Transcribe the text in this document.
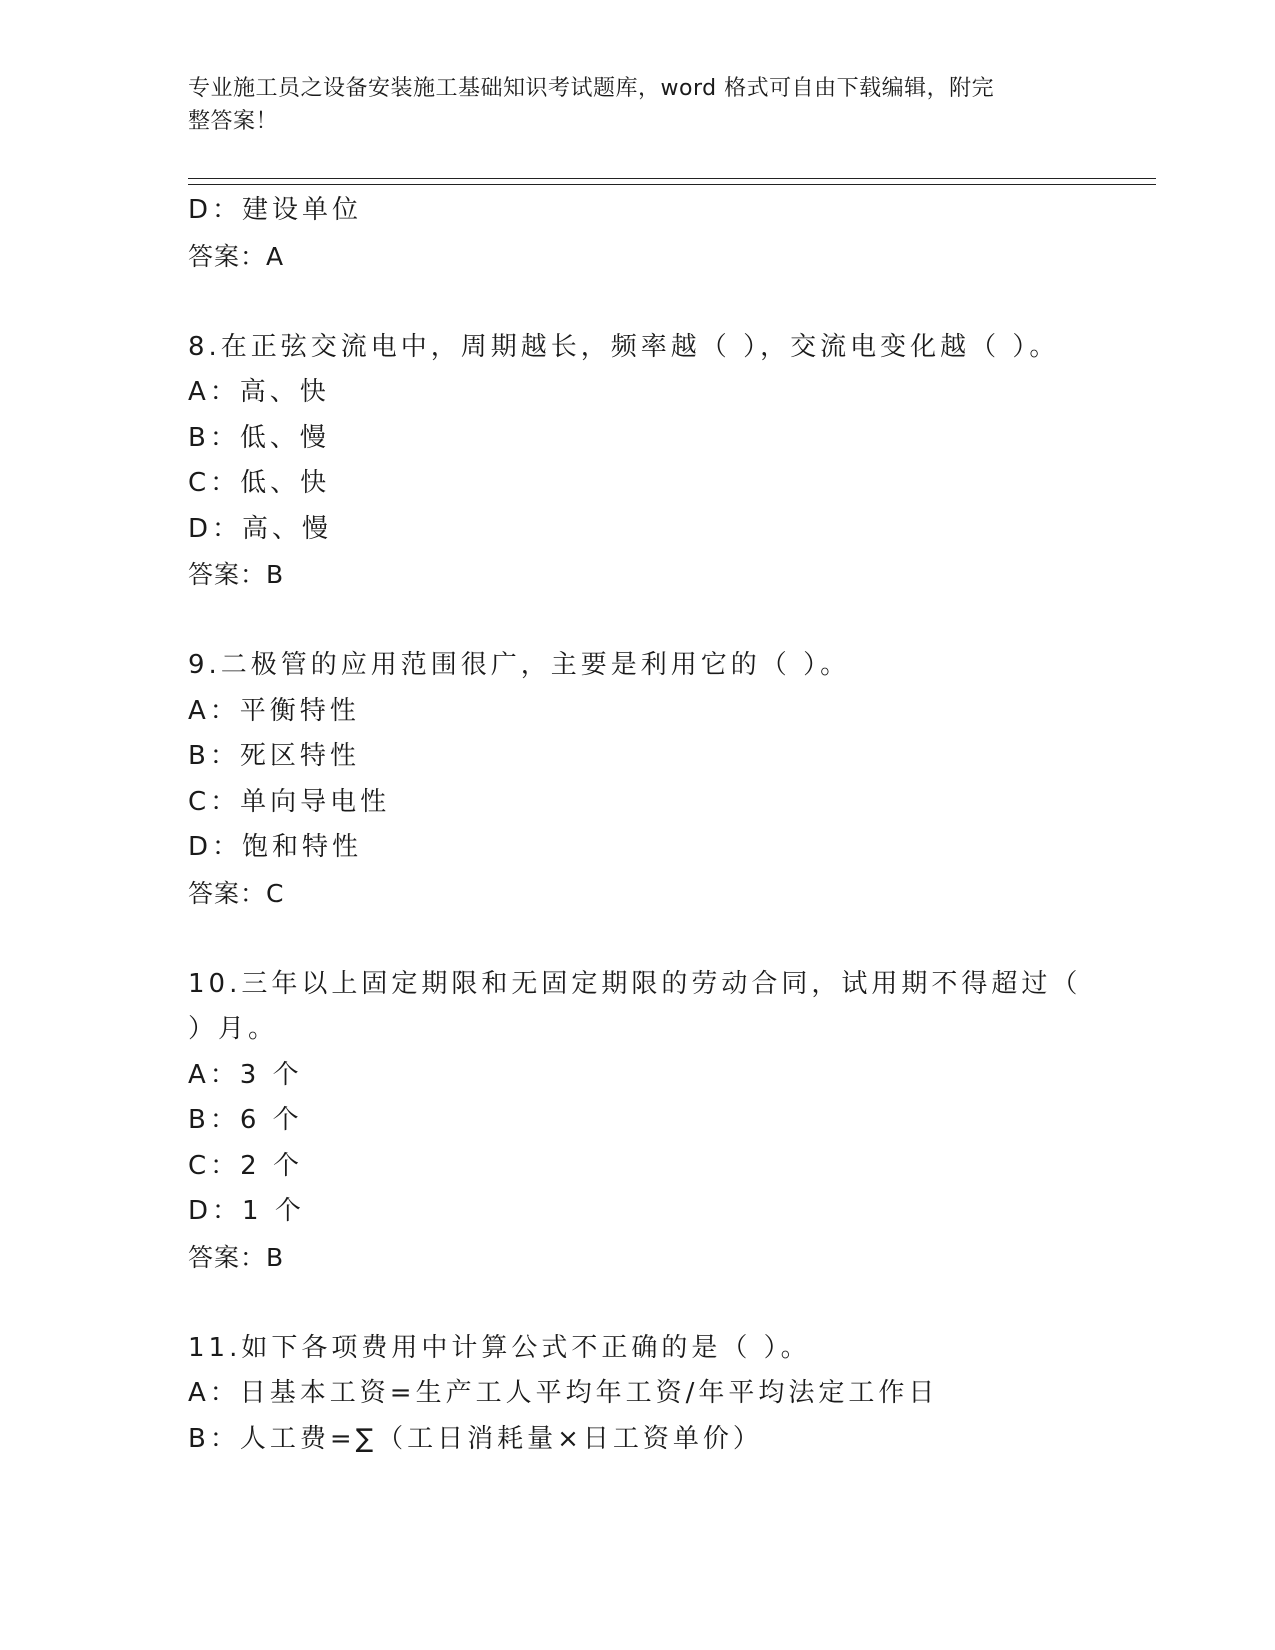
专业施工员之设备安装施工基础知识考试题库，word 格式可自由下载编辑，附完
整答案！
D：建设单位
答案：A
8.在正弦交流电中，周期越长，频率越（ ），交流电变化越（ ）。
A：高、快
B：低、慢
C：低、快
D：高、慢
答案：B
9.二极管的应用范围很广，主要是利用它的（ ）。
A：平衡特性
B：死区特性
C：单向导电性
D：饱和特性
答案：C
10.三年以上固定期限和无固定期限的劳动合同，试用期不得超过（
）月。
A：3 个
B：6 个
C：2 个
D：1 个
答案：B
11.如下各项费用中计算公式不正确的是（ ）。
A：日基本工资=生产工人平均年工资/年平均法定工作日
B：人工费=∑（工日消耗量×日工资单价）
